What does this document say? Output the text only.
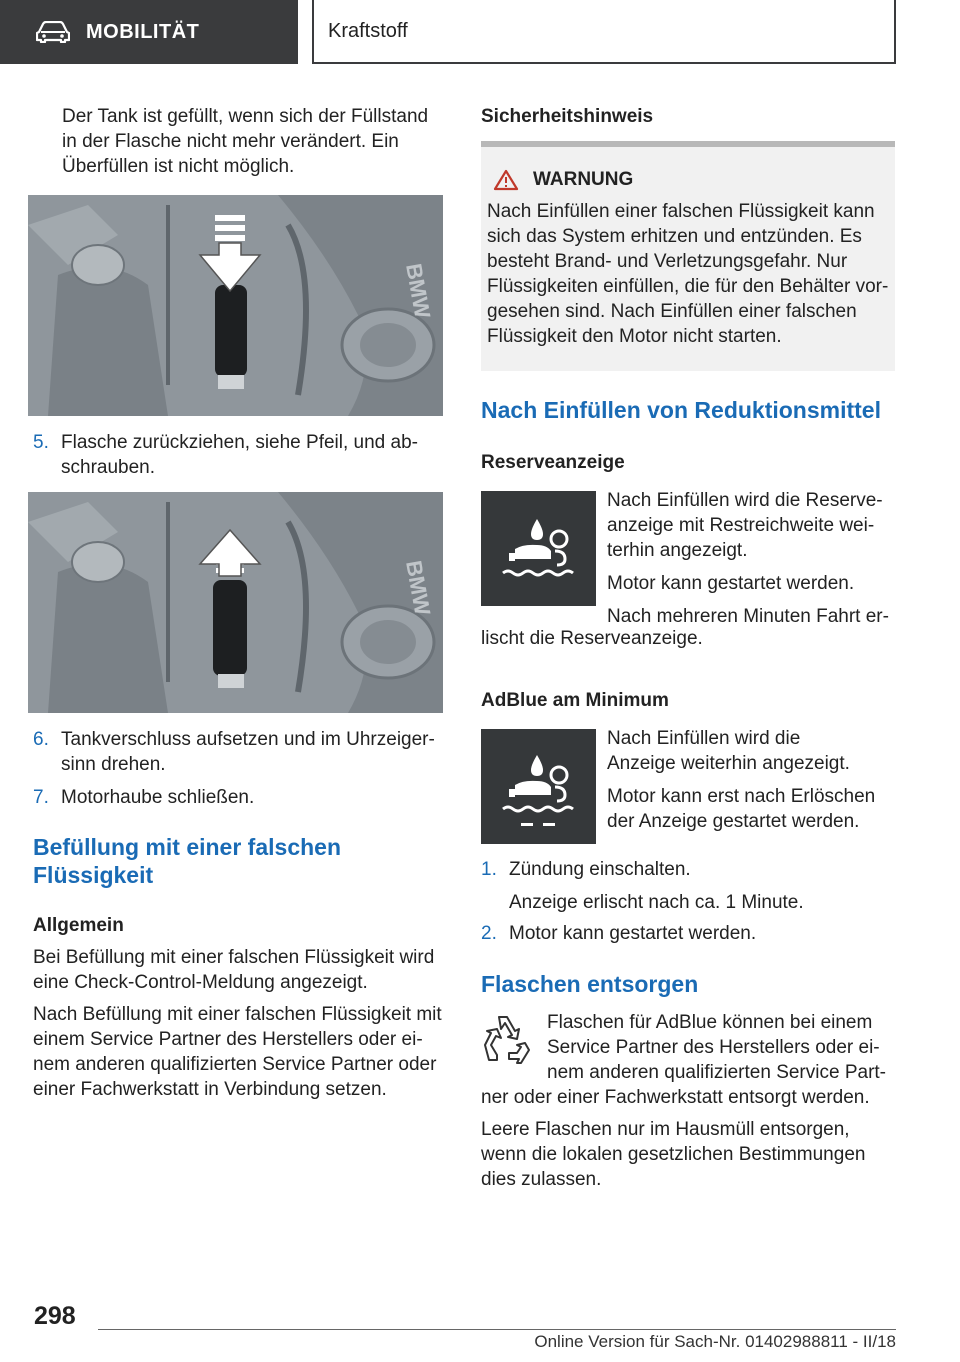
MOBILITÄT	Kraftstoff

Der Tank ist gefüllt, wenn sich der Füllstand

in der Flasche nicht mehr verändert. Ein

Überfüllen ist nicht möglich.

BMW
5. Flasche zurückziehen, siehe Pfeil, und ab-

schrauben.

BMW
6. Tankverschluss aufsetzen und im Uhrzeiger-

sinn drehen.

7. Motorhaube schließen.

Befüllung mit einer falschen
Flüssigkeit
Allgemein

Bei Befüllung mit einer falschen Flüssigkeit wird

eine Check-Control-Meldung angezeigt.

Nach Befüllung mit einer falschen Flüssigkeit mit

einem Service Partner des Herstellers oder ei-

nem anderen qualifizierten Service Partner oder

einer Fachwerkstatt in Verbindung setzen.

Sicherheitshinweis
WARNUNG

Nach Einfüllen einer falschen Flüssigkeit kann

sich das System erhitzen und entzünden. Es

besteht Brand- und Verletzungsgefahr. Nur

Flüssigkeiten einfüllen, die für den Behälter vor-

gesehen sind. Nach Einfüllen einer falschen

Flüssigkeit den Motor nicht starten.

Nach Einfüllen von Reduktionsmittel
Reserveanzeige

Nach Einfüllen wird die Reserve-

anzeige mit Restreichweite wei-

terhin angezeigt.

Motor kann gestartet werden.

Nach mehreren Minuten Fahrt er-

lischt die Reserveanzeige.

AdBlue am Minimum

Nach Einfüllen wird die

Anzeige weiterhin angezeigt.

Motor kann erst nach Erlöschen

der Anzeige gestartet werden.

1. Zündung einschalten.

Anzeige erlischt nach ca. 1 Minute.

2. Motor kann gestartet werden.

Flaschen entsorgen

Flaschen für AdBlue können bei einem

Service Partner des Herstellers oder ei-

nem anderen qualifizierten Service Part-

ner oder einer Fachwerkstatt entsorgt werden.

Leere Flaschen nur im Hausmüll entsorgen,

wenn die lokalen gesetzlichen Bestimmungen

dies zulassen.

298
Online Version für Sach-Nr. 01402988811 - II/18
